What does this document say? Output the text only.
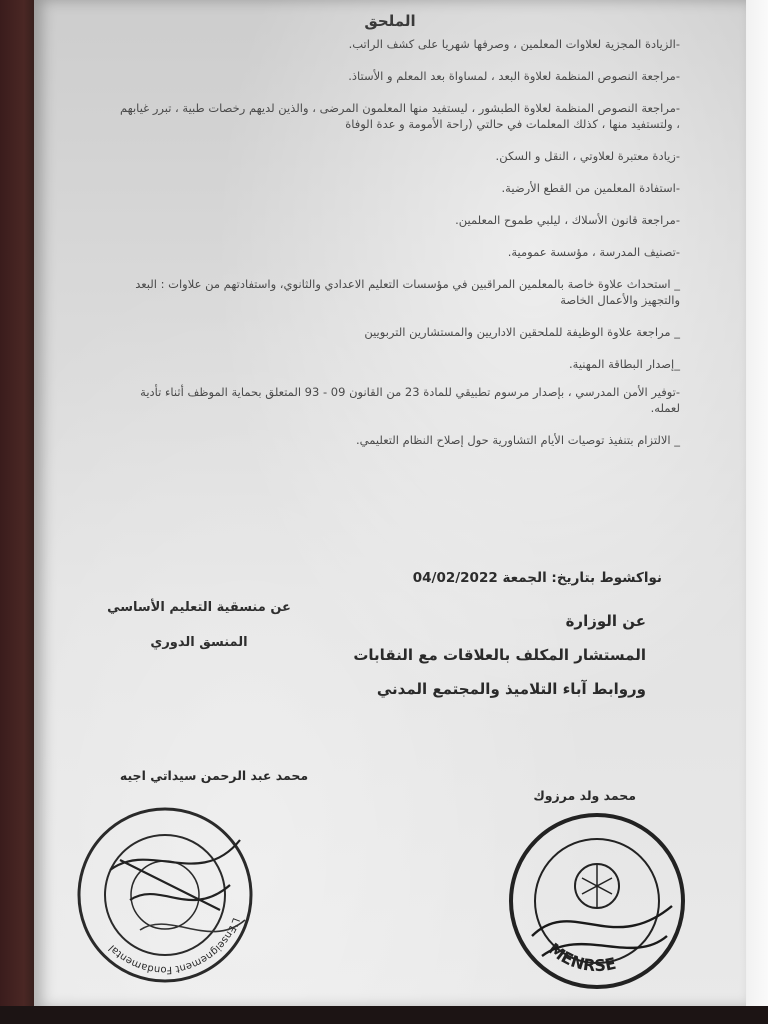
الملحق
-الزيادة المجزية لعلاوات المعلمين ، وصرفها شهريا على كشف الراتب.
-مراجعة النصوص المنظمة لعلاوة البعد ، لمساواة بعد المعلم و الأستاذ.
-مراجعة النصوص المنظمة لعلاوة الطبشور ، ليستفيد منها المعلمون المرضى ، والذين لديهم رخصات طبية ، تبرر غيابهم ، ولتستفيد منها ، كذلك المعلمات في حالتي (راحة الأمومة و عدة الوفاة
-زيادة معتبرة لعلاوتي ، النقل و السكن.
-استفادة المعلمين من القطع الأرضية.
-مراجعة قانون الأسلاك ، ليلبي طموح المعلمين.
-تصنيف المدرسة ، مؤسسة عمومية.
_ استحداث علاوة خاصة بالمعلمين المراقبين في مؤسسات التعليم الاعدادي والثانوي، واستفادتهم من علاوات : البعد والتجهيز والأعمال الخاصة
_ مراجعة علاوة الوظيفة للملحقين الاداريين والمستشارين التربويين
_إصدار البطاقة المهنية.
-توفير الأمن المدرسي ، بإصدار مرسوم تطبيقي للمادة 23 من القانون 09 - 93 المتعلق بحماية الموظف أثناء تأدية لعمله.
_ الالتزام بتنفيذ توصيات الأيام التشاورية حول إصلاح النظام التعليمي.
نواكشوط بتاريخ: الجمعة 04/02/2022
عن منسقية التعليم الأساسي
المنسق الدوري
عن الوزارة
المستشار المكلف بالعلاقات مع النقابات
وروابط آباء التلاميذ والمجتمع المدني
محمد عبد الرحمن سيداتي اجيه
محمد ولد مرزوك
L'Enseignement Fondamental	MENRSE
